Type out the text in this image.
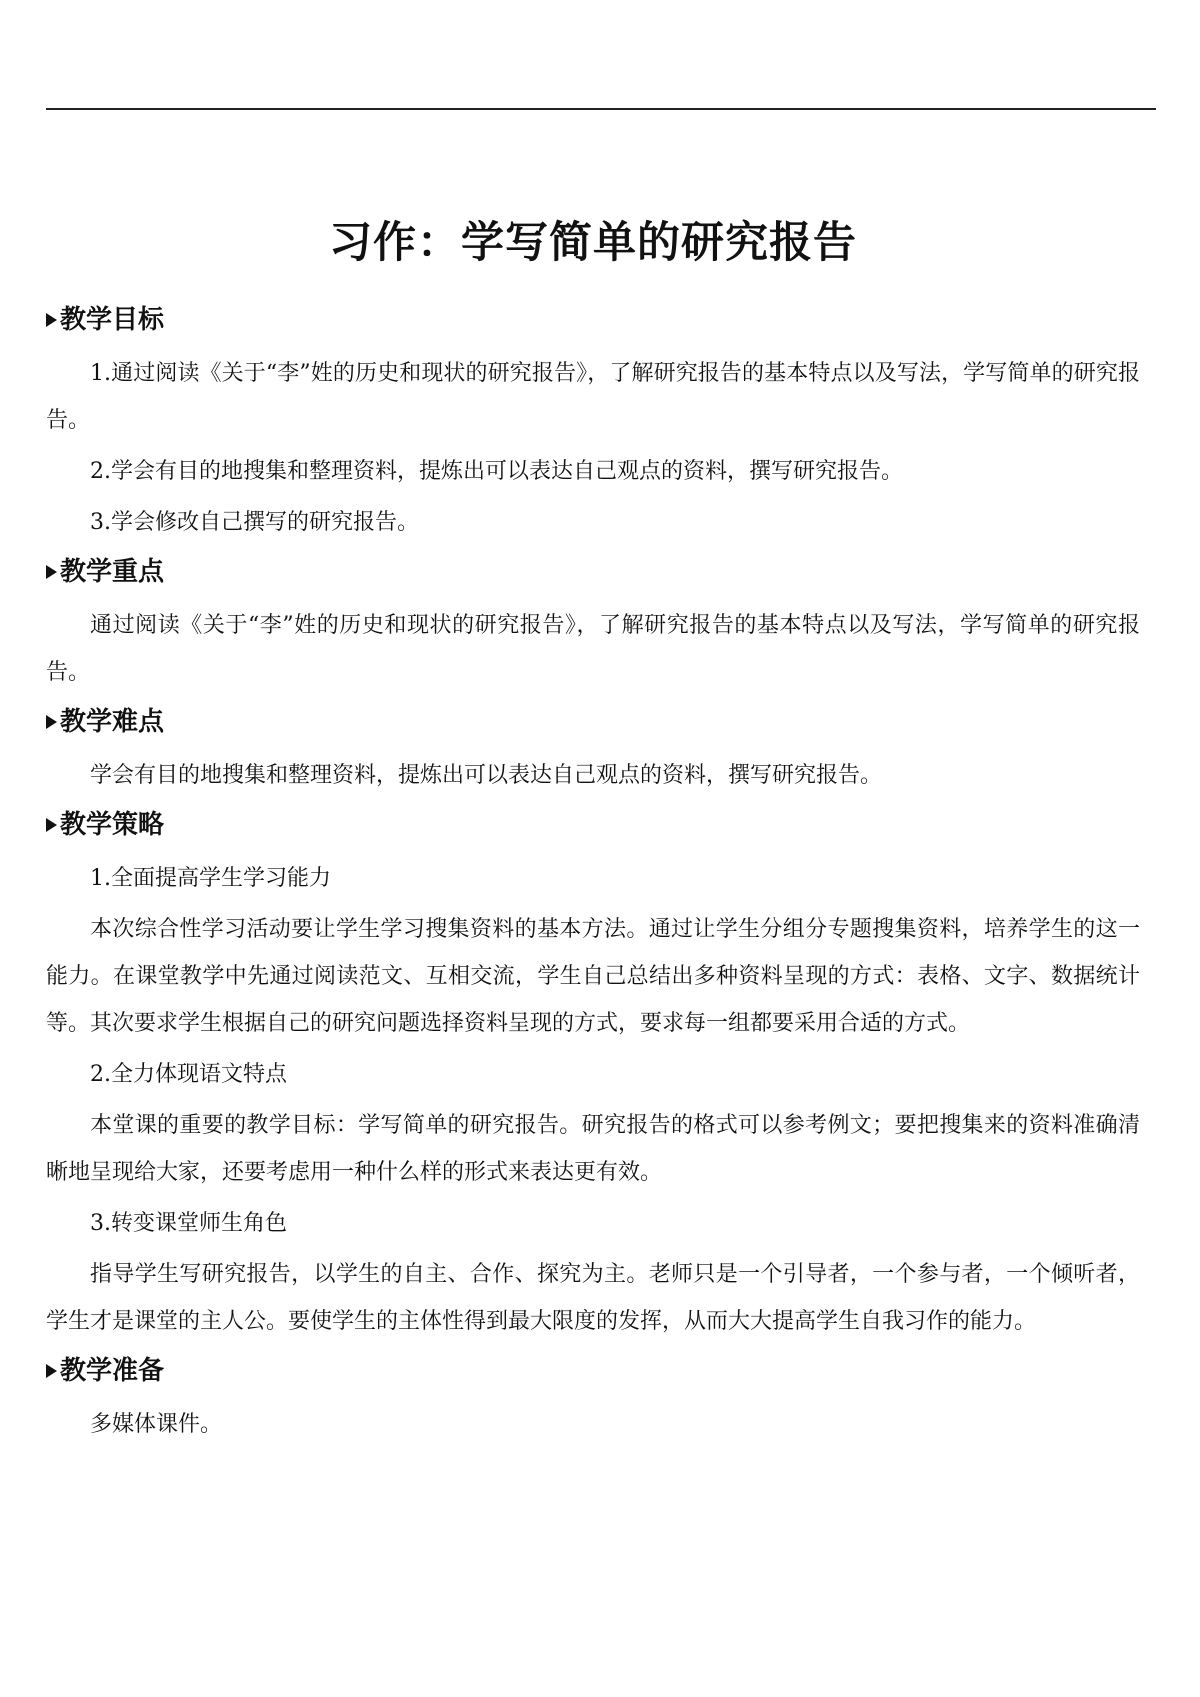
习作：学写简单的研究报告
教学目标

1.通过阅读《关于“李”姓的历史和现状的研究报告》，了解研究报告的基本特点以及写法，学写简单的研究报告。

2.学会有目的地搜集和整理资料，提炼出可以表达自己观点的资料，撰写研究报告。

3.学会修改自己撰写的研究报告。

教学重点

通过阅读《关于“李”姓的历史和现状的研究报告》，了解研究报告的基本特点以及写法，学写简单的研究报告。

教学难点

学会有目的地搜集和整理资料，提炼出可以表达自己观点的资料，撰写研究报告。

教学策略

1.全面提高学生学习能力

本次综合性学习活动要让学生学习搜集资料的基本方法。通过让学生分组分专题搜集资料，培养学生的这一能力。在课堂教学中先通过阅读范文、互相交流，学生自己总结出多种资料呈现的方式：表格、文字、数据统计等。其次要求学生根据自己的研究问题选择资料呈现的方式，要求每一组都要采用合适的方式。

2.全力体现语文特点

本堂课的重要的教学目标：学写简单的研究报告。研究报告的格式可以参考例文；要把搜集来的资料准确清晰地呈现给大家，还要考虑用一种什么样的形式来表达更有效。

3.转变课堂师生角色

指导学生写研究报告，以学生的自主、合作、探究为主。老师只是一个引导者，一个参与者，一个倾听者，学生才是课堂的主人公。要使学生的主体性得到最大限度的发挥，从而大大提高学生自我习作的能力。

教学准备

多媒体课件。
